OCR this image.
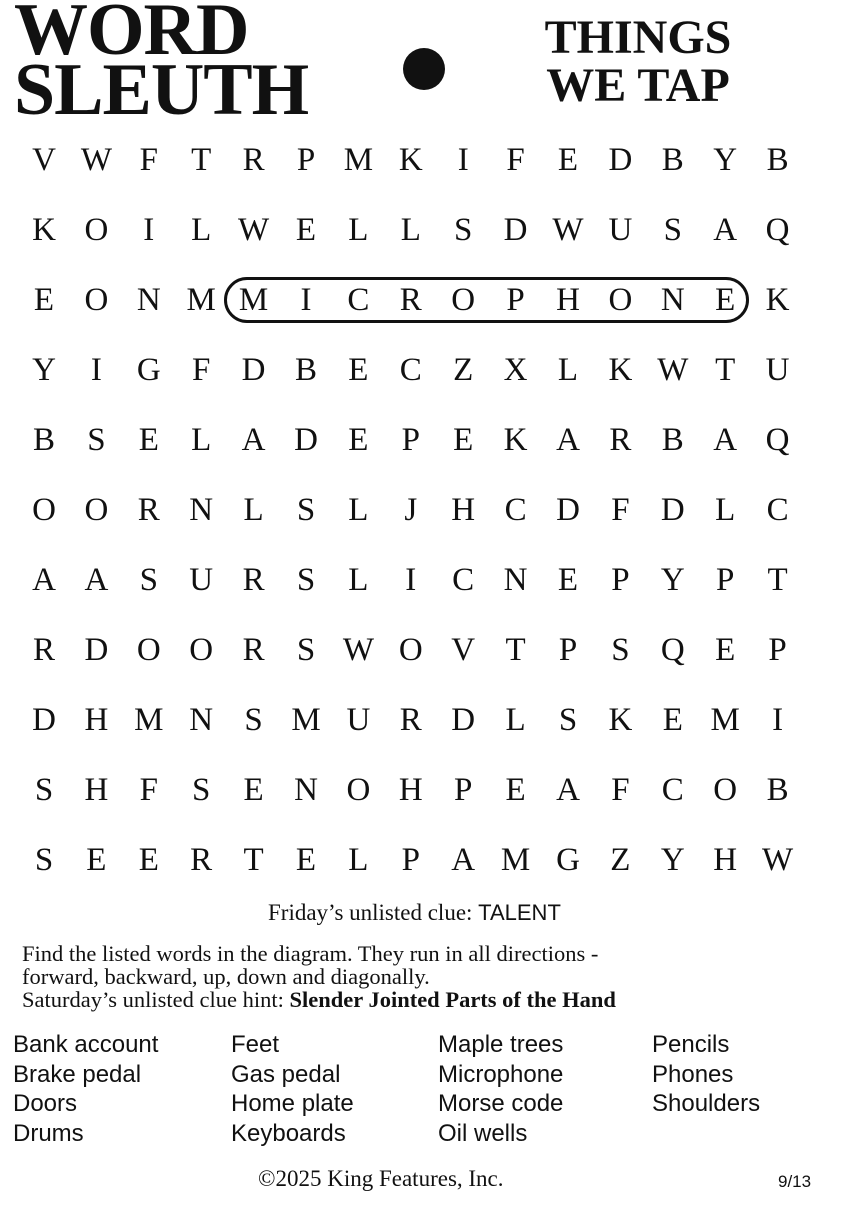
WORD
SLEUTH
THINGS
WE TAP
V W F	T R P M K	I	F	E D B Y B
K O	I	L W E L L	S D W U S A Q
E O N M M I	C R O P H O N E K
Y	I	G F D B E C Z X L K W T U
B S	E L A D E	P	E K A R B A Q
O O R N L	S	L	J	H C D F D L C
A A S U R S	L	I	C N E	P Y P	T
R D O O R S W O V T	P	S Q E	P
D H M N S M U R D L	S K E M I
S H F	S	E N O H P	E A F C O B
S	E E R T E L	P A M G Z Y H W
Friday’s unlisted clue: TALENT
Find the listed words in the diagram. They run in all directions -
forward, backward, up, down and diagonally.
Saturday’s unlisted clue hint: Slender Jointed Parts of the Hand
Bank account
Brake pedal
Doors
Drums
Feet
Gas pedal
Home plate
Keyboards
Maple trees
Microphone
Morse code
Oil wells
Pencils
Phones
Shoulders
©2025 King Features, Inc.	9/13
